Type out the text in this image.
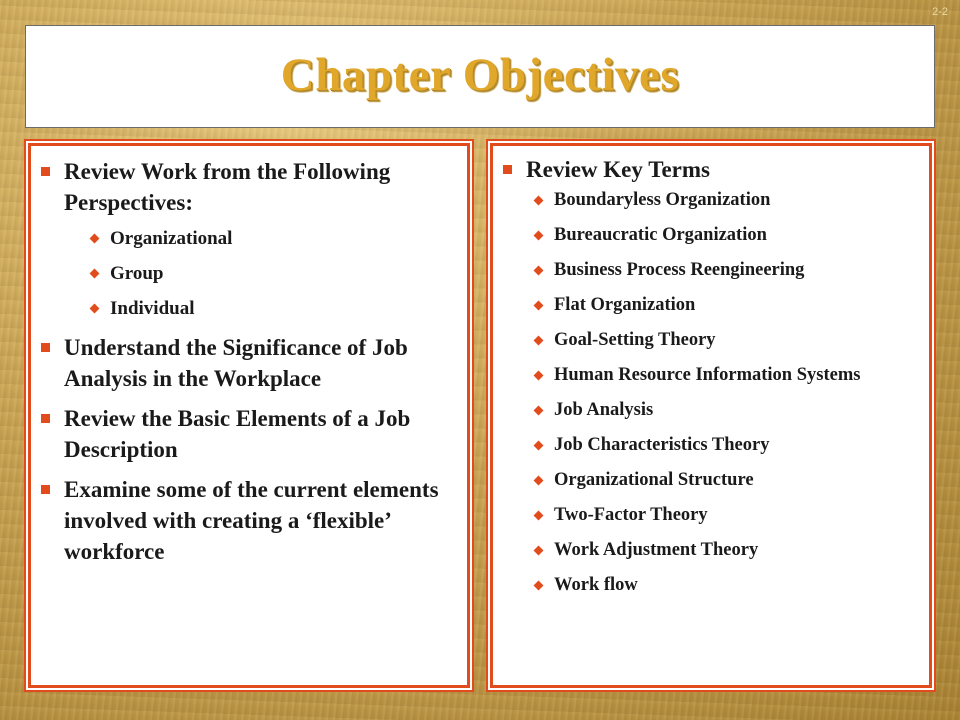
2-2
Chapter Objectives
Review Work from the Following Perspectives:
Organizational
Group
Individual
Understand the Significance of Job Analysis in the Workplace
Review the Basic Elements of a Job Description
Examine some of the current elements involved with creating a ‘flexible’ workforce
Review Key Terms
Boundaryless Organization
Bureaucratic Organization
Business Process Reengineering
Flat Organization
Goal-Setting Theory
Human Resource Information Systems
Job Analysis
Job Characteristics Theory
Organizational Structure
Two-Factor Theory
Work Adjustment Theory
Work flow
